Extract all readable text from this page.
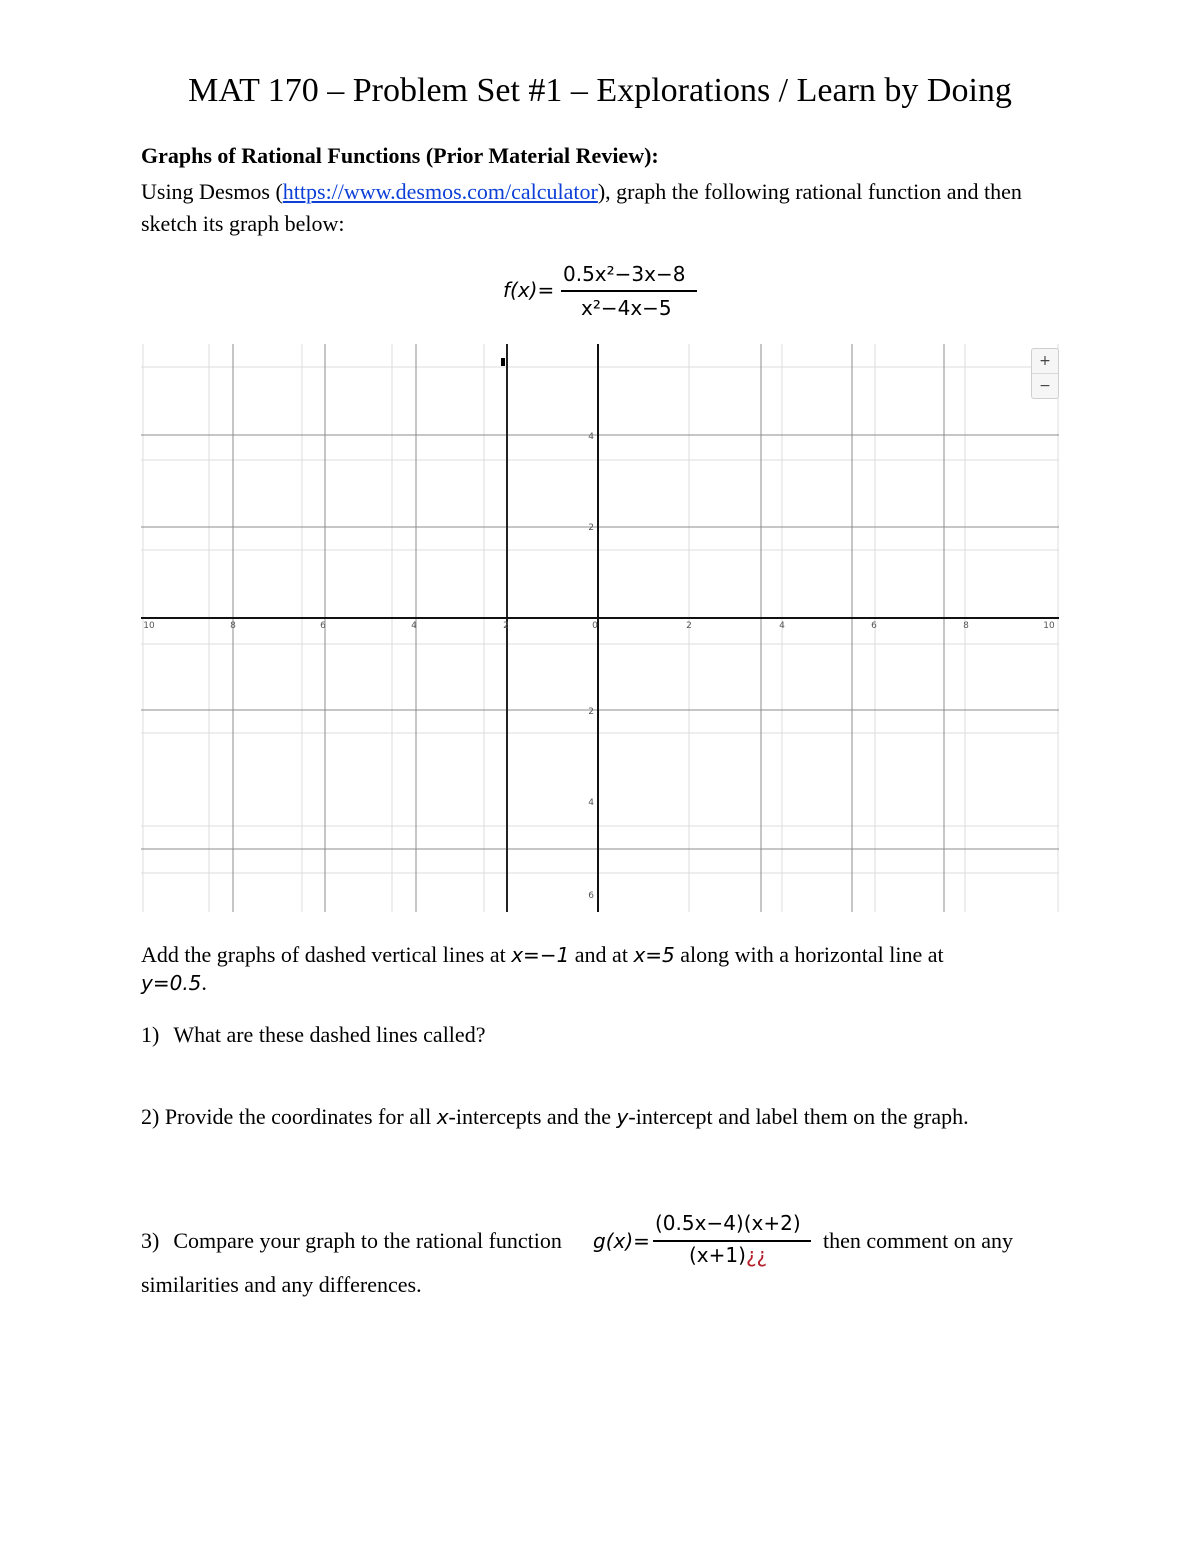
MAT 170 – Problem Set #1 – Explorations / Learn by Doing
Graphs of Rational Functions (Prior Material Review):
Using Desmos (https://www.desmos.com/calculator), graph the following rational function and then sketch its graph below:
f(x)=
0.5x²−3x−8
x²−4x−5
10	8	6	4	2	0	2	4	6	8	10
4
2
2
4
6
+
−
Add the graphs of dashed vertical lines at x=−1 and at x=5 along with a horizontal line at
y=0.5.
1) What are these dashed lines called?
2) Provide the coordinates for all x-intercepts and the y-intercept and label them on the graph.
3) Compare your graph to the rational function g(x)=
(0.5x−4)(x+2)
(x+1)¿¿
then comment on any
similarities and any differences.
